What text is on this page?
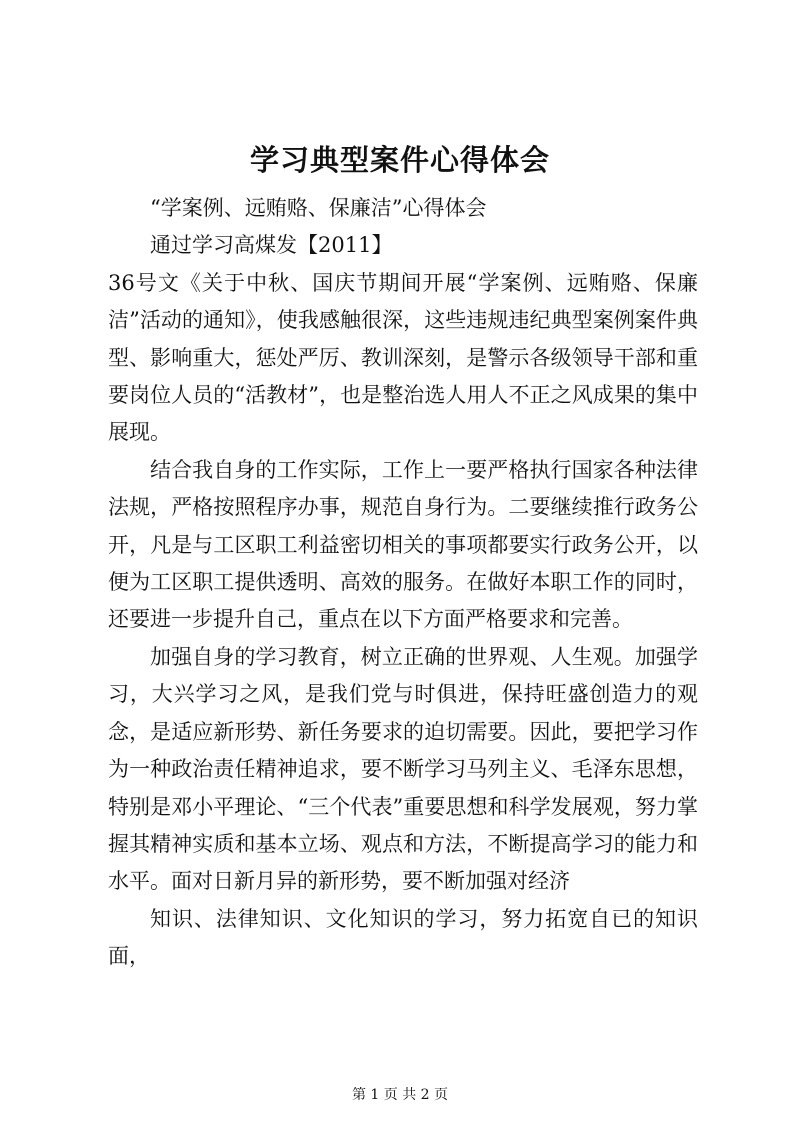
学习典型案件心得体会

“学案例、远贿赂、保廉洁”心得体会

通过学习高煤发【2011】

36号文《关于中秋、国庆节期间开展“学案例、远贿赂、保廉洁”活动的通知》，使我感触很深，这些违规违纪典型案例案件典型、影响重大，惩处严厉、教训深刻，是警示各级领导干部和重要岗位人员的“活教材”，也是整治选人用人不正之风成果的集中展现。

结合我自身的工作实际，工作上一要严格执行国家各种法律法规，严格按照程序办事，规范自身行为。二要继续推行政务公开，凡是与工区职工利益密切相关的事项都要实行政务公开，以便为工区职工提供透明、高效的服务。在做好本职工作的同时，还要进一步提升自己，重点在以下方面严格要求和完善。

加强自身的学习教育，树立正确的世界观、人生观。加强学习，大兴学习之风，是我们党与时俱进，保持旺盛创造力的观念，是适应新形势、新任务要求的迫切需要。因此，要把学习作为一种政治责任精神追求，要不断学习马列主义、毛泽东思想，特别是邓小平理论、“三个代表”重要思想和科学发展观，努力掌握其精神实质和基本立场、观点和方法，不断提高学习的能力和水平。面对日新月异的新形势，要不断加强对经济

知识、法律知识、文化知识的学习，努力拓宽自已的知识面，

第 1 页 共 2 页
